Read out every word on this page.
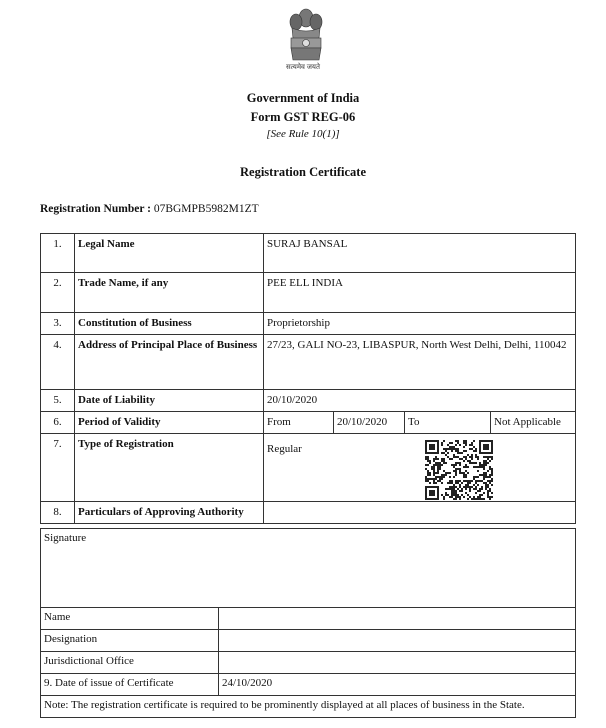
सत्यमेव जयते
Government of India
Form GST REG-06
[See Rule 10(1)]
Registration Certificate
Registration Number : 07BGMPB5982M1ZT
1.	Legal Name	SURAJ BANSAL			
2.	Trade Name, if any	PEE ELL INDIA			
3.	Constitution of Business	Proprietorship			
4.	Address of Principal Place of Business	27/23, GALI NO-23, LIBASPUR, North West Delhi, Delhi, 110042			
5.	Date of Liability	20/10/2020			
6.	Period of Validity	From	20/10/2020	To	Not Applicable
7.	Type of Registration	Regular			
8.	Particulars of Approving Authority				
Signature	
Name	
Designation	
Jurisdictional Office	
9. Date of issue of Certificate	24/10/2020
Note: The registration certificate is required to be prominently displayed at all places of business in the State.	
